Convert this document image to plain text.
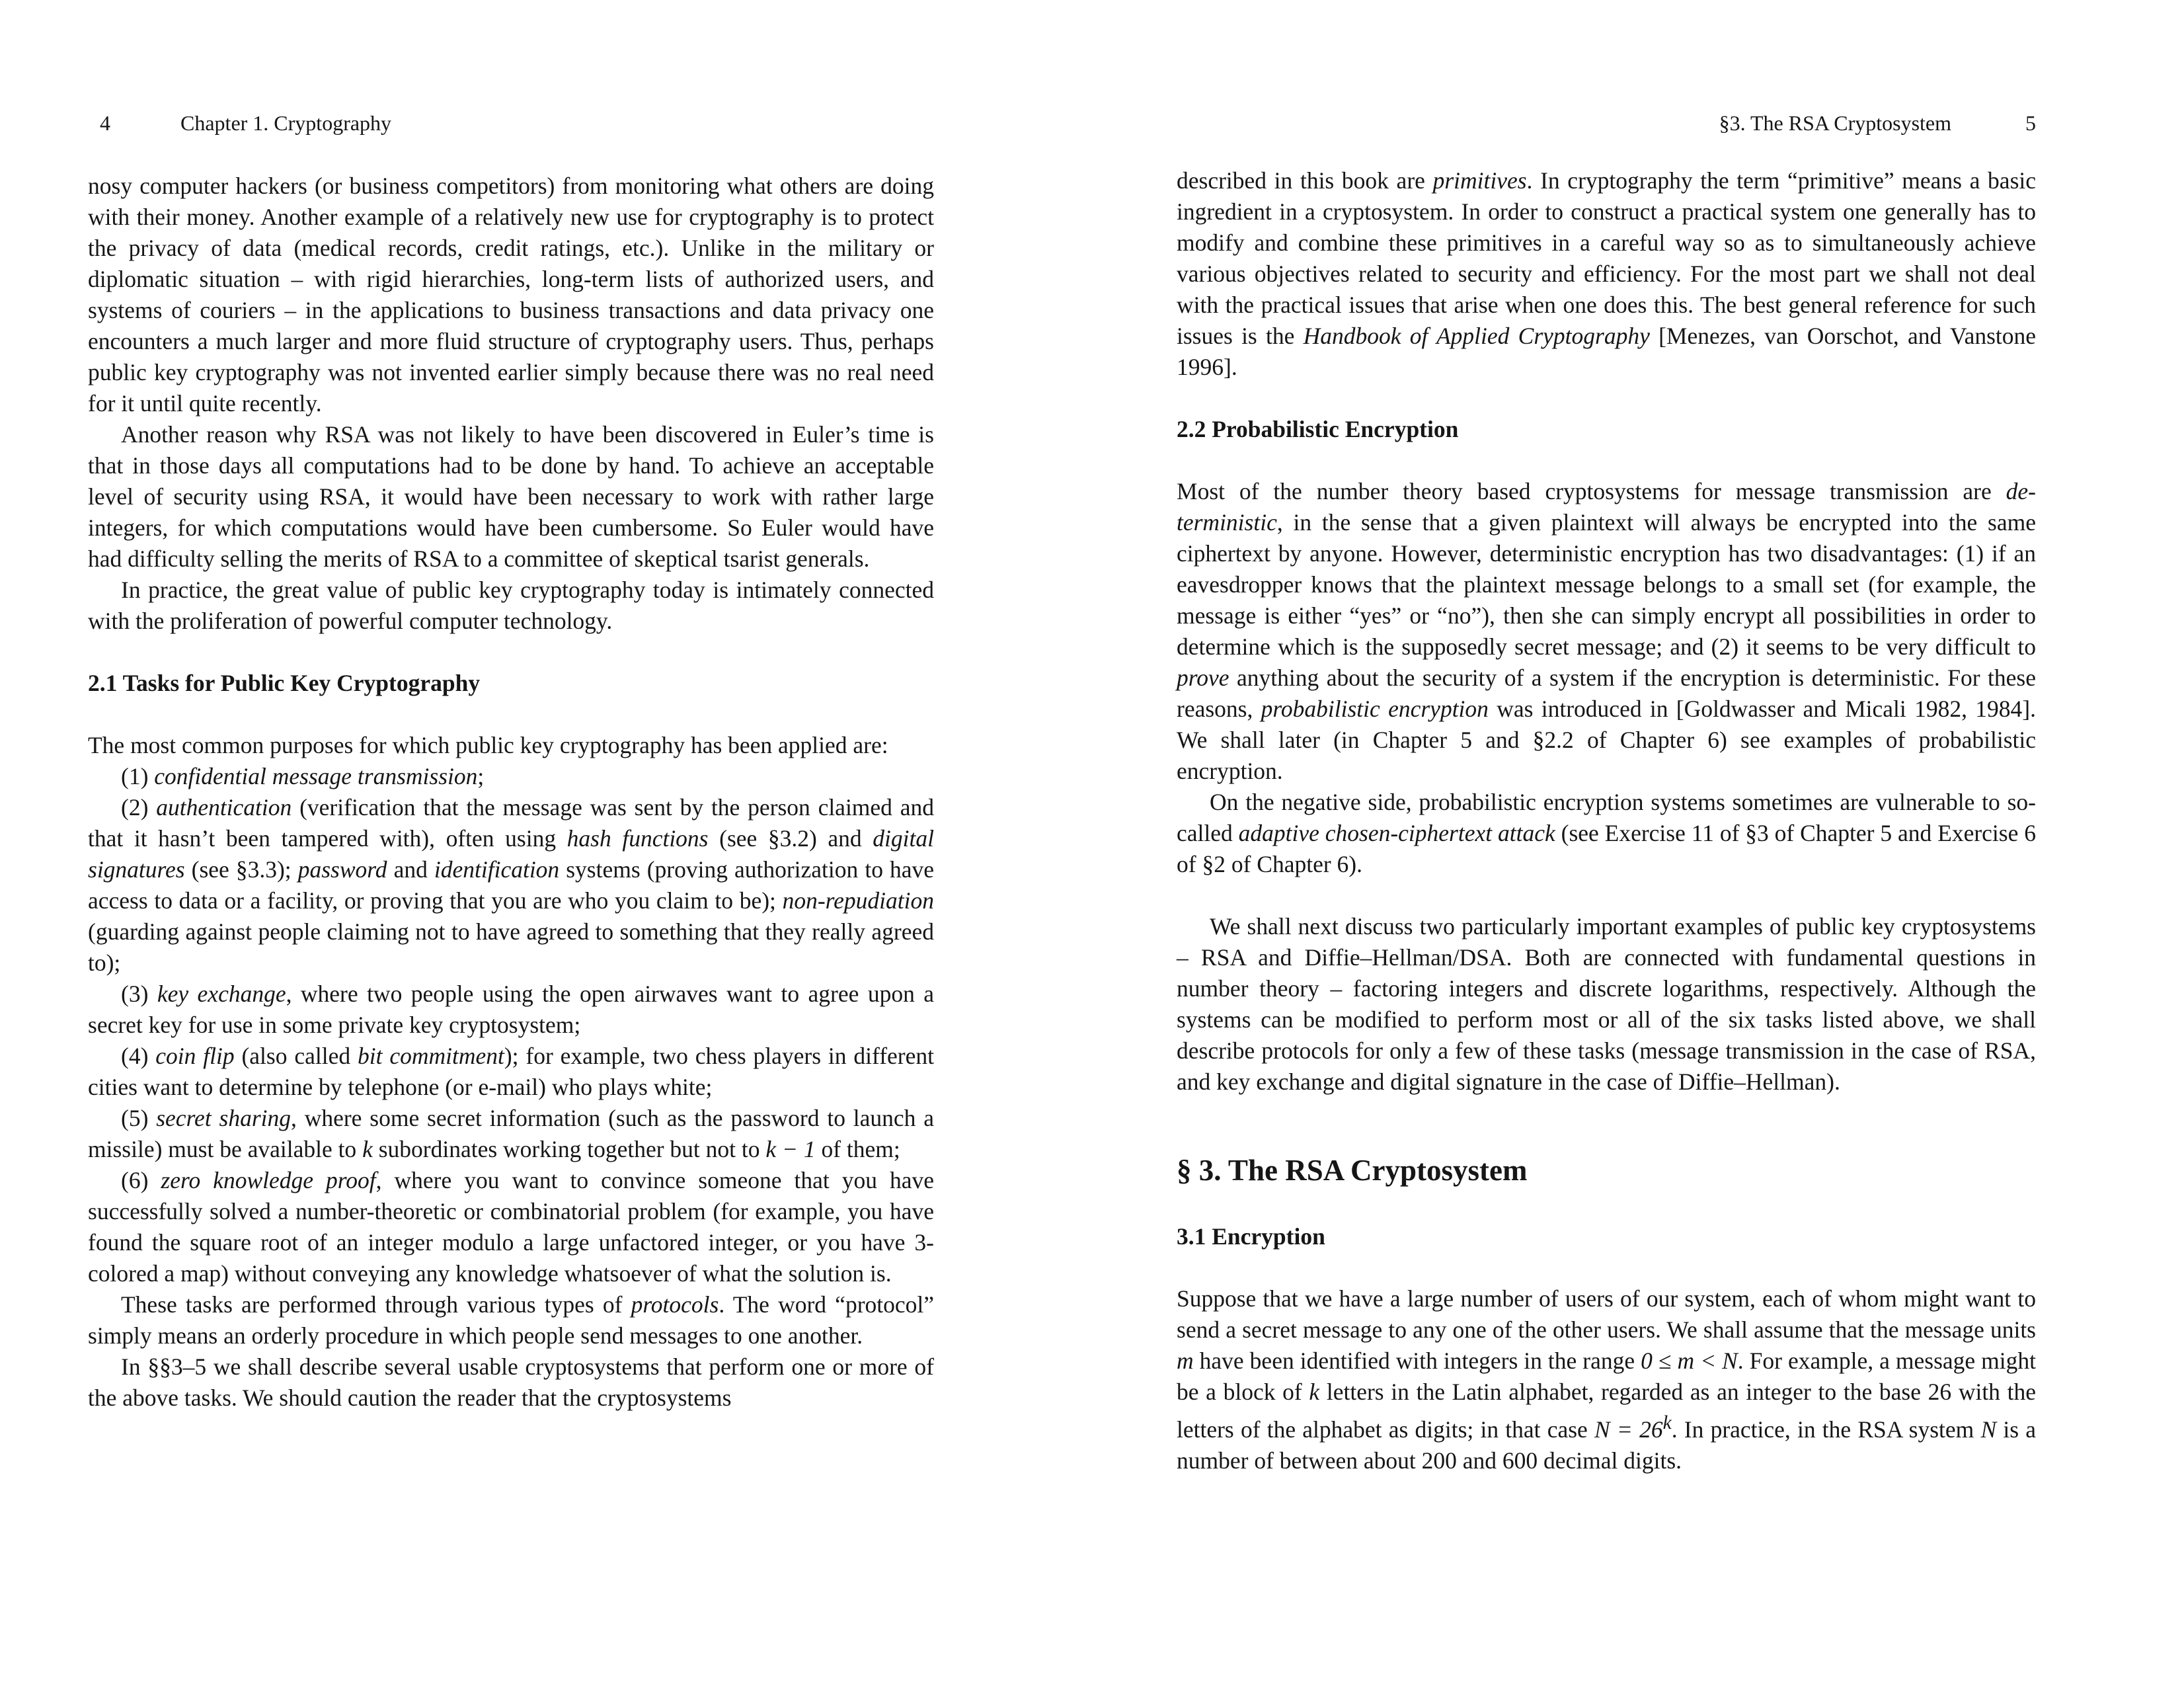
4	Chapter 1. Cryptography

nosy computer hackers (or business competitors) from monitoring what others are doing with their money. Another example of a relatively new use for cryptography is to protect the privacy of data (medical records, credit ratings, etc.). Unlike in the military or diplomatic situation – with rigid hierarchies, long-term lists of authorized users, and systems of couriers – in the applications to business transactions and data privacy one encounters a much larger and more fluid structure of cryptography users. Thus, perhaps public key cryptography was not invented earlier simply because there was no real need for it until quite recently.

Another reason why RSA was not likely to have been discovered in Euler’s time is that in those days all computations had to be done by hand. To achieve an acceptable level of security using RSA, it would have been necessary to work with rather large integers, for which computations would have been cumbersome. So Euler would have had difficulty selling the merits of RSA to a committee of skeptical tsarist generals.

In practice, the great value of public key cryptography today is intimately connected with the proliferation of powerful computer technology.

2.1 Tasks for Public Key Cryptography

The most common purposes for which public key cryptography has been applied are:

(1) confidential message transmission;

(2) authentication (verification that the message was sent by the person claimed and that it hasn’t been tampered with), often using hash functions (see §3.2) and digital signatures (see §3.3); password and identification systems (proving authorization to have access to data or a facility, or proving that you are who you claim to be); non-repudiation (guarding against people claiming not to have agreed to something that they really agreed to);

(3) key exchange, where two people using the open airwaves want to agree upon a secret key for use in some private key cryptosystem;

(4) coin flip (also called bit commitment); for example, two chess players in different cities want to determine by telephone (or e-mail) who plays white;

(5) secret sharing, where some secret information (such as the password to launch a missile) must be available to k subordinates working together but not to k − 1 of them;

(6) zero knowledge proof, where you want to convince someone that you have successfully solved a number-theoretic or combinatorial problem (for example, you have found the square root of an integer modulo a large unfactored integer, or you have 3-colored a map) without conveying any knowledge whatsoever of what the solution is.

These tasks are performed through various types of protocols. The word “protocol” simply means an orderly procedure in which people send messages to one another.

In §§3–5 we shall describe several usable cryptosystems that perform one or more of the above tasks. We should caution the reader that the cryptosystems

§3. The RSA Cryptosystem	5

described in this book are primitives. In cryptography the term “primitive” means a basic ingredient in a cryptosystem. In order to construct a practical system one generally has to modify and combine these primitives in a careful way so as to simultaneously achieve various objectives related to security and efficiency. For the most part we shall not deal with the practical issues that arise when one does this. The best general reference for such issues is the Handbook of Applied Cryptography [Menezes, van Oorschot, and Vanstone 1996].

2.2 Probabilistic Encryption

Most of the number theory based cryptosystems for message transmission are deterministic, in the sense that a given plaintext will always be encrypted into the same ciphertext by anyone. However, deterministic encryption has two disadvantages: (1) if an eavesdropper knows that the plaintext message belongs to a small set (for example, the message is either “yes” or “no”), then she can simply encrypt all possibilities in order to determine which is the supposedly secret message; and (2) it seems to be very difficult to prove anything about the security of a system if the encryption is deterministic. For these reasons, probabilistic encryption was introduced in [Goldwasser and Micali 1982, 1984]. We shall later (in Chapter 5 and §2.2 of Chapter 6) see examples of probabilistic encryption.

On the negative side, probabilistic encryption systems sometimes are vulnerable to so-called adaptive chosen-ciphertext attack (see Exercise 11 of §3 of Chapter 5 and Exercise 6 of §2 of Chapter 6).

We shall next discuss two particularly important examples of public key cryptosystems – RSA and Diffie–Hellman/DSA. Both are connected with fundamental questions in number theory – factoring integers and discrete logarithms, respectively. Although the systems can be modified to perform most or all of the six tasks listed above, we shall describe protocols for only a few of these tasks (message transmission in the case of RSA, and key exchange and digital signature in the case of Diffie–Hellman).

§ 3. The RSA Cryptosystem
3.1 Encryption

Suppose that we have a large number of users of our system, each of whom might want to send a secret message to any one of the other users. We shall assume that the message units m have been identified with integers in the range 0 ≤ m < N. For example, a message might be a block of k letters in the Latin alphabet, regarded as an integer to the base 26 with the letters of the alphabet as digits; in that case $N = 26^k$. In practice, in the RSA system N is a number of between about 200 and 600 decimal digits.
